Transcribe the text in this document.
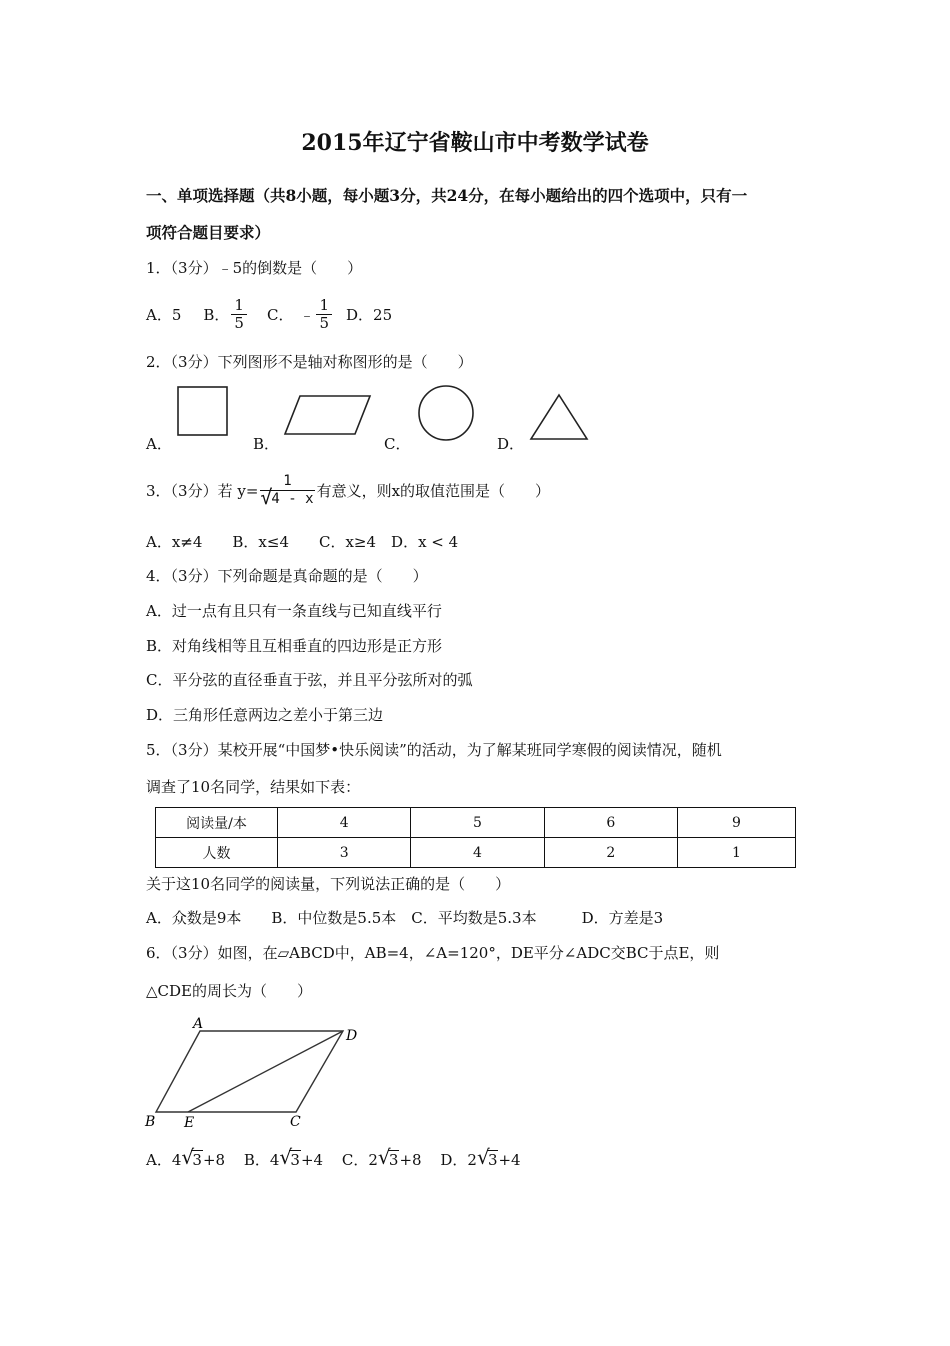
2015年辽宁省鞍山市中考数学试卷
一、单项选择题（共8小题，每小题3分，共24分，在每小题给出的四个选项中，只有一
项符合题目要求）
1．（3分）﹣5的倒数是（　　）
A．5 B． $\frac{1}{5}$ C． ﹣ $\frac{1}{5}$ D．25
2．（3分）下列图形不是轴对称图形的是（　　）
A．	B．	C．	D．
3．（3分）若 y= 1
√
4 - x 有意义，则x的取值范围是（　　）
A．x≠4　　B．x≤4　　C．x≥4　D．x < 4
4．（3分）下列命题是真命题的是（　　）
A．过一点有且只有一条直线与已知直线平行
B．对角线相等且互相垂直的四边形是正方形
C．平分弦的直径垂直于弦，并且平分弦所对的弧
D．三角形任意两边之差小于第三边
5．（3分）某校开展“中国梦•快乐阅读”的活动，为了解某班同学寒假的阅读情况，随机
调查了10名同学，结果如下表：
阅读量/本	4	5	6	9
人数	3	4	2	1
关于这10名同学的阅读量，下列说法正确的是（　　）
A．众数是9本　　B．中位数是5.5本　C．平均数是5.3本　　　D．方差是3
6．（3分）如图，在▱ABCD中，AB=4，∠A=120°，DE平分∠ADC交BC于点E，则
△CDE的周长为（　　）
A
D
B E	C
A．4 √
3+8 B．4 √
3+4 C．2 √
3+8 D．2 √
3+4
